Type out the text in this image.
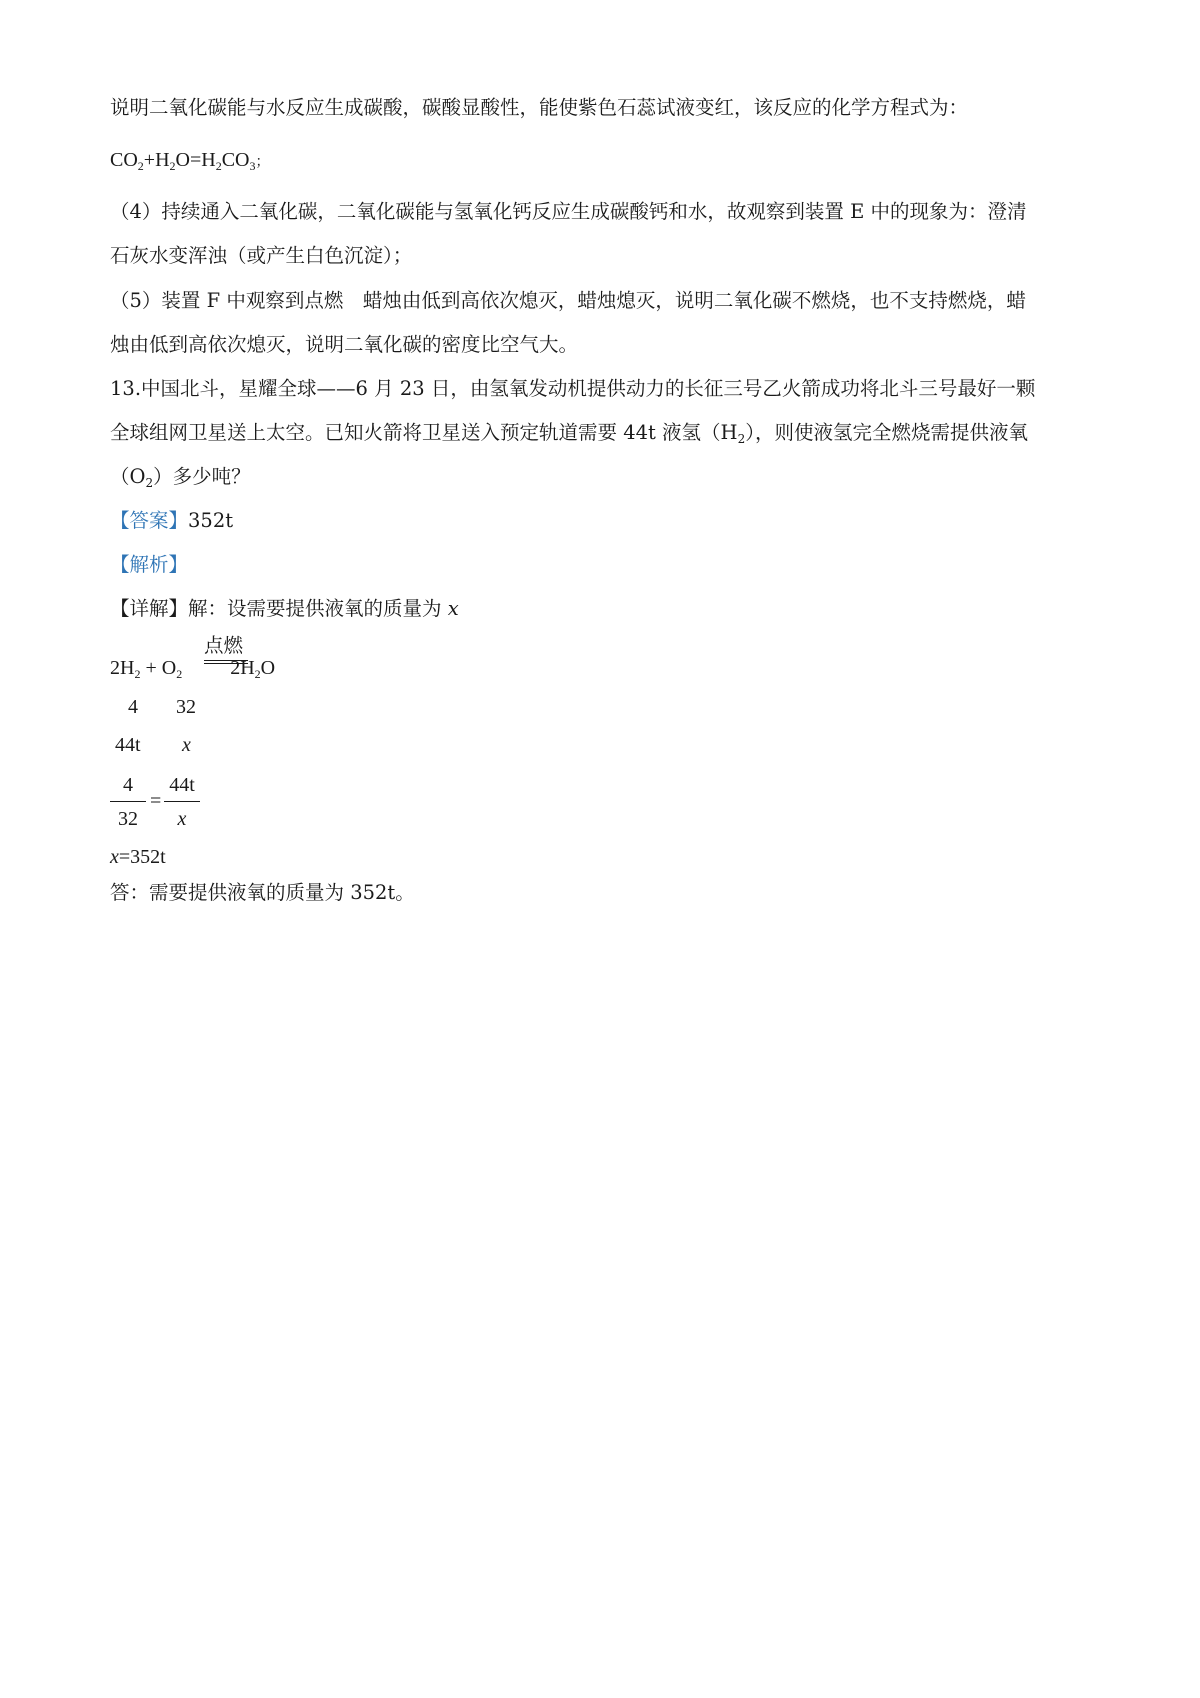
说明二氧化碳能与水反应生成碳酸，碳酸显酸性，能使紫色石蕊试液变红，该反应的化学方程式为：
$CO_2+H_2O=H_2CO_3$；
（4）持续通入二氧化碳，二氧化碳能与氢氧化钙反应生成碳酸钙和水，故观察到装置 E 中的现象为：澄清
石灰水变浑浊（或产生白色沉淀）；
（5）装置 F 中观察到点燃　蜡烛由低到高依次熄灭，蜡烛熄灭，说明二氧化碳不燃烧，也不支持燃烧，蜡
烛由低到高依次熄灭，说明二氧化碳的密度比空气大。
13.中国北斗，星耀全球——6 月 23 日，由氢氧发动机提供动力的长征三号乙火箭成功将北斗三号最好一颗
全球组网卫星送上太空。已知火箭将卫星送入预定轨道需要 44t 液氢$(H_2)$，则使液氢完全燃烧需提供液氧
$(O_2)$多少吨？
【答案】352t
【解析】
【详解】解：设需要提供液氧的质量为 x
点燃
$2H_2 + O_2$ $2H_2O$
4 32
44t x
4
32
=
44t
x
x=352t
答：需要提供液氧的质量为 352t。
